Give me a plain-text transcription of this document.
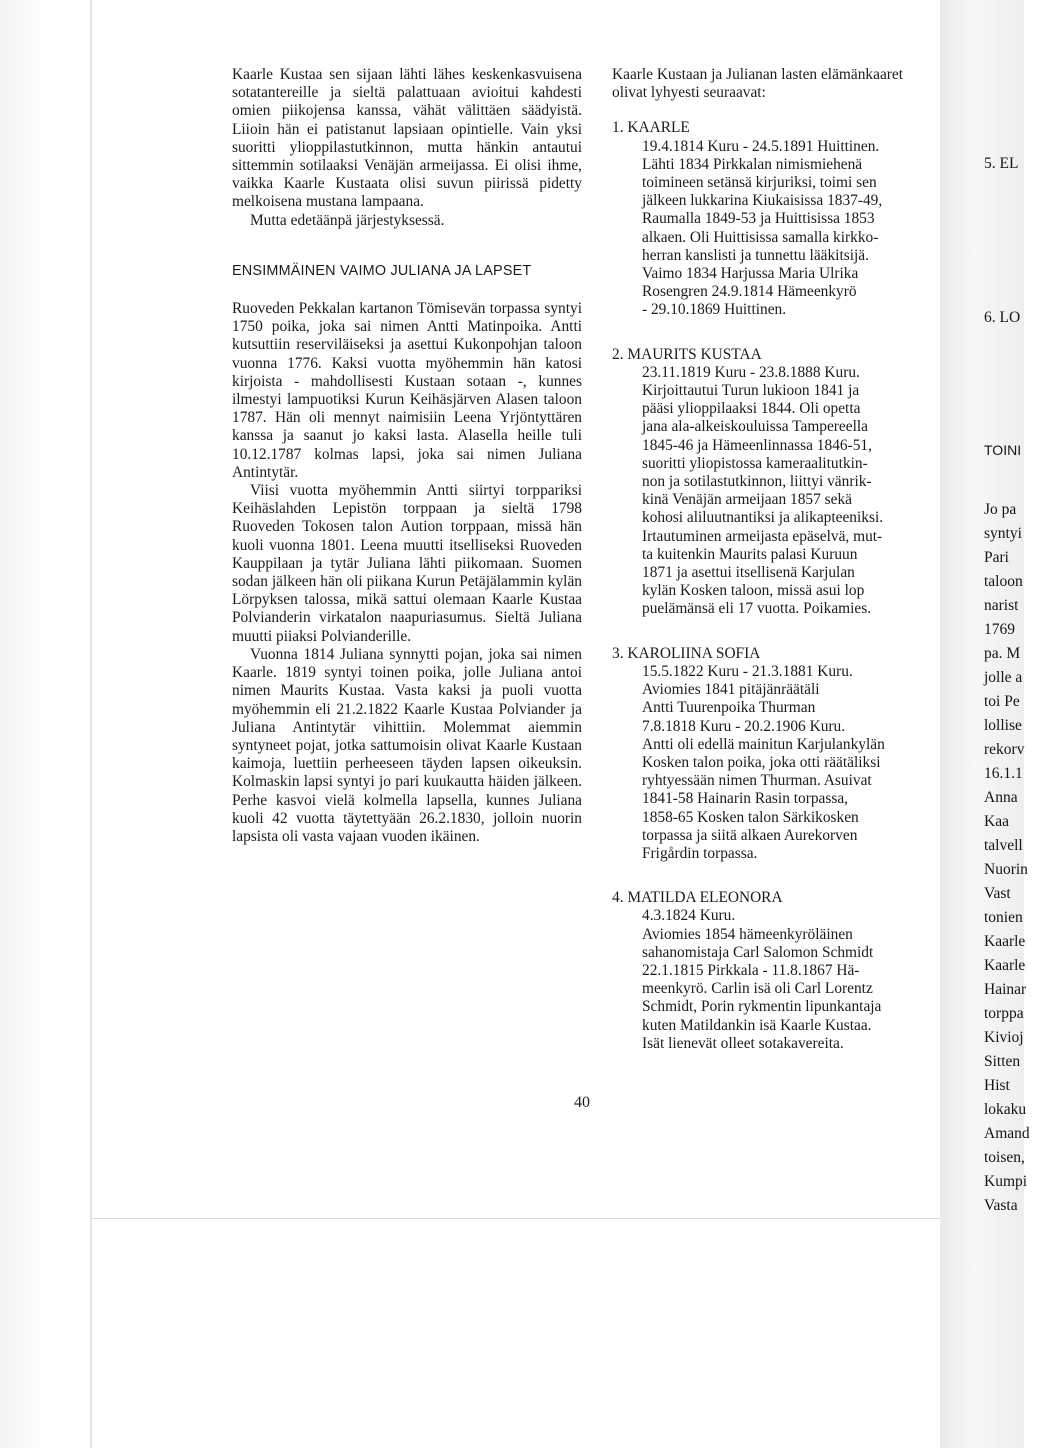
Kaarle Kustaa sen sijaan lähti lähes keskenkasvuisena sotatantereille ja sieltä palattuaan avioitui kahdesti omien piikojensa kanssa, vähät välittäen säädyistä. Liioin hän ei patistanut lapsiaan opintielle. Vain yksi suoritti ylioppilastutkinnon, mutta hänkin antautui sittemmin sotilaaksi Venäjän armeijassa. Ei olisi ihme, vaikka Kaarle Kustaata olisi suvun piirissä pidetty melkoisena mustana lampaana.

Mutta edetäänpä järjestyksessä.

ENSIMMÄINEN VAIMO JULIANA JA LAPSET

Ruoveden Pekkalan kartanon Tömisevän torpassa syntyi 1750 poika, joka sai nimen Antti Matinpoika. Antti kutsuttiin reserviläiseksi ja asettui Kukonpohjan taloon vuonna 1776. Kaksi vuotta myöhemmin hän katosi kirjoista - mahdollisesti Kustaan sotaan -, kunnes ilmestyi lampuotiksi Kurun Keihäsjärven Alasen taloon 1787. Hän oli mennyt naimisiin Leena Yrjöntyttären kanssa ja saanut jo kaksi lasta. Alasella heille tuli 10.12.1787 kolmas lapsi, joka sai nimen Juliana Antintytär.

Viisi vuotta myöhemmin Antti siirtyi torppariksi Keihäslahden Lepistön torppaan ja sieltä 1798 Ruoveden Tokosen talon Aution torppaan, missä hän kuoli vuonna 1801. Leena muutti itselliseksi Ruoveden Kauppilaan ja tytär Juliana lähti piikomaan. Suomen sodan jälkeen hän oli piikana Kurun Petäjälammin kylän Lörpyksen talossa, mikä sattui olemaan Kaarle Kustaa Polvianderin virkatalon naapuriasumus. Sieltä Juliana muutti piiaksi Polvianderille.

Vuonna 1814 Juliana synnytti pojan, joka sai nimen Kaarle. 1819 syntyi toinen poika, jolle Juliana antoi nimen Maurits Kustaa. Vasta kaksi ja puoli vuotta myöhemmin eli 21.2.1822 Kaarle Kustaa Polviander ja Juliana Antintytär vihittiin. Molemmat aiemmin syntyneet pojat, jotka sattumoisin olivat Kaarle Kustaan kaimoja, luettiin perheeseen täyden lapsen oikeuksin. Kolmaskin lapsi syntyi jo pari kuukautta häiden jälkeen. Perhe kasvoi vielä kolmella lapsella, kunnes Juliana kuoli 42 vuotta täytettyään 26.2.1830, jolloin nuorin lapsista oli vasta vajaan vuoden ikäinen.

Kaarle Kustaan ja Julianan lasten elämänkaaret olivat lyhyesti seuraavat:

1. KAARLE

19.4.1814 Kuru - 24.5.1891 Huittinen.
Lähti 1834 Pirkkalan nimismiehenä
toimineen setänsä kirjuriksi, toimi sen
jälkeen lukkarina Kiukaisissa 1837-49,
Raumalla 1849-53 ja Huittisissa 1853
alkaen. Oli Huittisissa samalla kirkko-
herran kanslisti ja tunnettu lääkitsijä.
Vaimo 1834 Harjussa Maria Ulrika
Rosengren 24.9.1814 Hämeenkyrö
- 29.10.1869 Huittinen.

2. MAURITS KUSTAA

23.11.1819 Kuru - 23.8.1888 Kuru.
Kirjoittautui Turun lukioon 1841 ja
pääsi ylioppilaaksi 1844. Oli opetta
jana ala-alkeiskouluissa Tampereella
1845-46 ja Hämeenlinnassa 1846-51,
suoritti yliopistossa kameraalitutkin-
non ja sotilastutkinnon, liittyi vänrik-
kinä Venäjän armeijaan 1857 sekä
kohosi aliluutnantiksi ja alikapteeniksi.
Irtautuminen armeijasta epäselvä, mut-
ta kuitenkin Maurits palasi Kuruun
1871 ja asettui itsellisenä Karjulan
kylän Kosken taloon, missä asui lop
puelämänsä eli 17 vuotta. Poikamies.

3. KAROLIINA SOFIA

15.5.1822 Kuru - 21.3.1881 Kuru.
Aviomies 1841 pitäjänräätäli
Antti Tuurenpoika Thurman
7.8.1818 Kuru - 20.2.1906 Kuru.
Antti oli edellä mainitun Karjulankylän
Kosken talon poika, joka otti räätäliksi
ryhtyessään nimen Thurman. Asuivat
1841-58 Hainarin Rasin torpassa,
1858-65 Kosken talon Särkikosken
torpassa ja siitä alkaen Aurekorven
Frigårdin torpassa.

4. MATILDA ELEONORA

4.3.1824 Kuru.
Aviomies 1854 hämeenkyröläinen
sahanomistaja Carl Salomon Schmidt
22.1.1815 Pirkkala - 11.8.1867 Hä-
meenkyrö. Carlin isä oli Carl Lorentz
Schmidt, Porin rykmentin lipunkantaja
kuten Matildankin isä Kaarle Kustaa.
Isät lienevät olleet sotakavereita.
40
5. EL
6. LO
TOINI
Jo pa
syntyi
Pari
taloon
narist
1769
pa. M
jolle a
toi Pe
lollise
rekorv
16.1.1
Anna
Kaa
talvell
Nuorin
Vast
tonien
Kaarle
Kaarle
Hainar
torppa
Kivioj
Sitten
Hist
lokaku
Amand
toisen,
Kumpi
Vasta
